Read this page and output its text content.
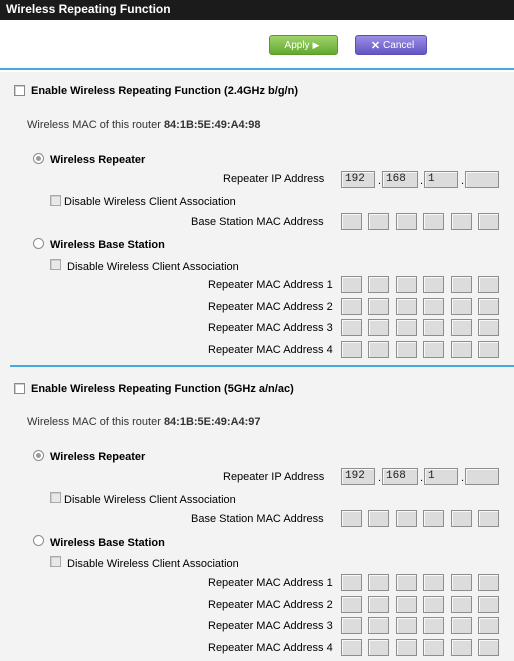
Wireless Repeating Function
Apply ▶	✕ Cancel
Enable Wireless Repeating Function (2.4GHz b/g/n)
Wireless MAC of this router 84:1B:5E:49:A4:98
Wireless Repeater
Repeater IP Address	192	. 168	. 1	.
Disable Wireless Client Association
Base Station MAC Address
Wireless Base Station
Disable Wireless Client Association
Repeater MAC Address 1
Repeater MAC Address 2
Repeater MAC Address 3
Repeater MAC Address 4
Enable Wireless Repeating Function (5GHz a/n/ac)
Wireless MAC of this router 84:1B:5E:49:A4:97
Wireless Repeater
Repeater IP Address	192	. 168	. 1	.
Disable Wireless Client Association
Base Station MAC Address
Wireless Base Station
Disable Wireless Client Association
Repeater MAC Address 1
Repeater MAC Address 2
Repeater MAC Address 3
Repeater MAC Address 4
